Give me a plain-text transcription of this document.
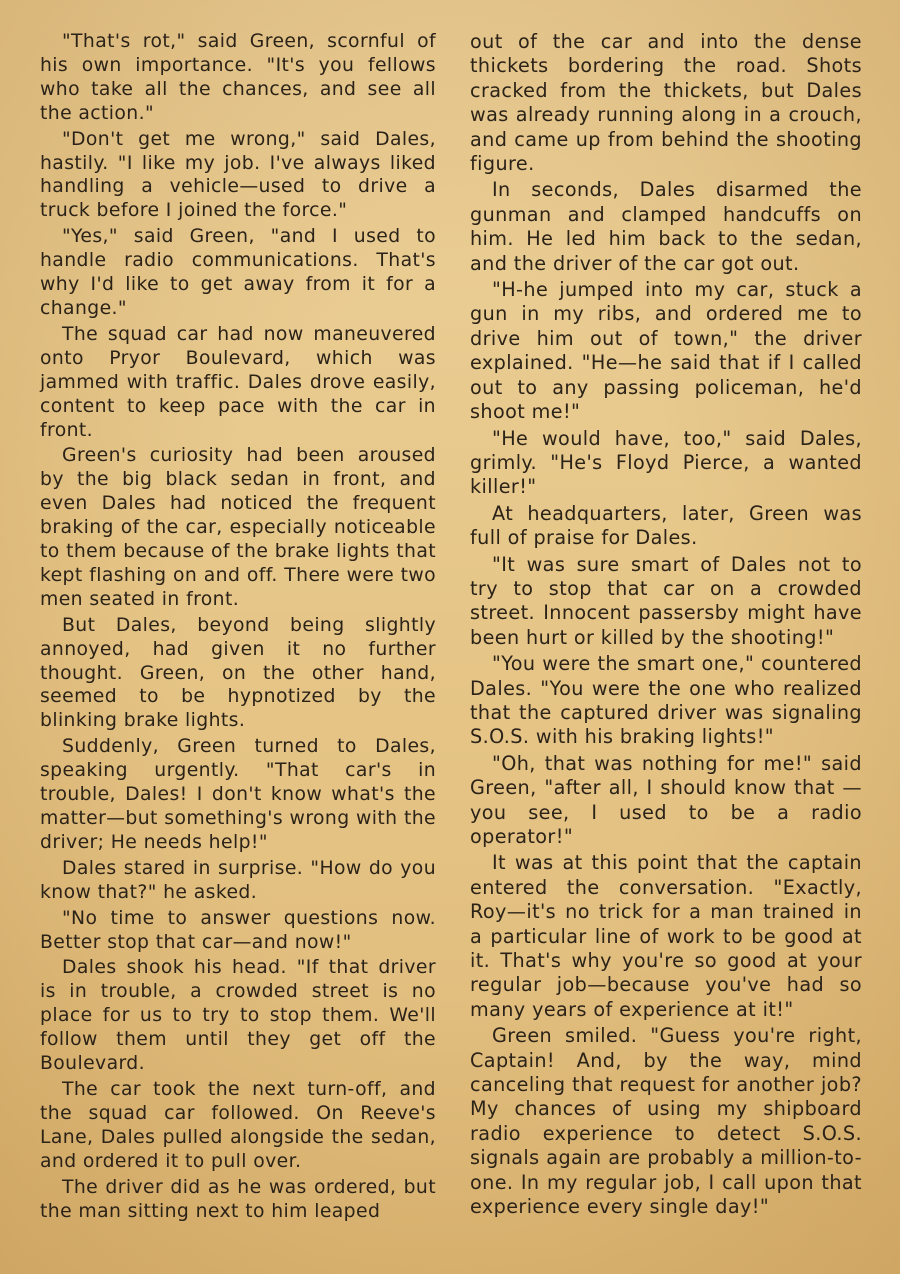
"That's rot," said Green, scornful of his own importance. "It's you fellows who take all the chances, and see all the action."

"Don't get me wrong," said Dales, hastily. "I like my job. I've always liked handling a vehicle—used to drive a truck before I joined the force."

"Yes," said Green, "and I used to handle radio communications. That's why I'd like to get away from it for a change."

The squad car had now maneuvered onto Pryor Boulevard, which was jammed with traffic. Dales drove easily, content to keep pace with the car in front.

Green's curiosity had been aroused by the big black sedan in front, and even Dales had noticed the frequent braking of the car, especially noticeable to them because of the brake lights that kept flashing on and off. There were two men seated in front.

But Dales, beyond being slightly annoyed, had given it no further thought. Green, on the other hand, seemed to be hypnotized by the blinking brake lights.

Suddenly, Green turned to Dales, speaking urgently. "That car's in trouble, Dales! I don't know what's the matter—but something's wrong with the driver; He needs help!"

Dales stared in surprise. "How do you know that?" he asked.

"No time to answer questions now. Better stop that car—and now!"

Dales shook his head. "If that driver is in trouble, a crowded street is no place for us to try to stop them. We'll follow them until they get off the Boulevard.

The car took the next turn-off, and the squad car followed. On Reeve's Lane, Dales pulled alongside the sedan, and ordered it to pull over.

The driver did as he was ordered, but the man sitting next to him leaped

out of the car and into the dense thickets bordering the road. Shots cracked from the thickets, but Dales was already running along in a crouch, and came up from behind the shooting figure.

In seconds, Dales disarmed the gunman and clamped handcuffs on him. He led him back to the sedan, and the driver of the car got out.

"H-he jumped into my car, stuck a gun in my ribs, and ordered me to drive him out of town," the driver explained. "He—he said that if I called out to any passing policeman, he'd shoot me!"

"He would have, too," said Dales, grimly. "He's Floyd Pierce, a wanted killer!"

At headquarters, later, Green was full of praise for Dales.

"It was sure smart of Dales not to try to stop that car on a crowded street. Innocent passersby might have been hurt or killed by the shooting!"

"You were the smart one," countered Dales. "You were the one who realized that the captured driver was signaling S.O.S. with his braking lights!"

"Oh, that was nothing for me!" said Green, "after all, I should know that —you see, I used to be a radio operator!"

It was at this point that the captain entered the conversation. "Exactly, Roy—it's no trick for a man trained in a particular line of work to be good at it. That's why you're so good at your regular job—because you've had so many years of experience at it!"

Green smiled. "Guess you're right, Captain! And, by the way, mind canceling that request for another job? My chances of using my shipboard radio experience to detect S.O.S. signals again are probably a million-to-one. In my regular job, I call upon that experience every single day!"
